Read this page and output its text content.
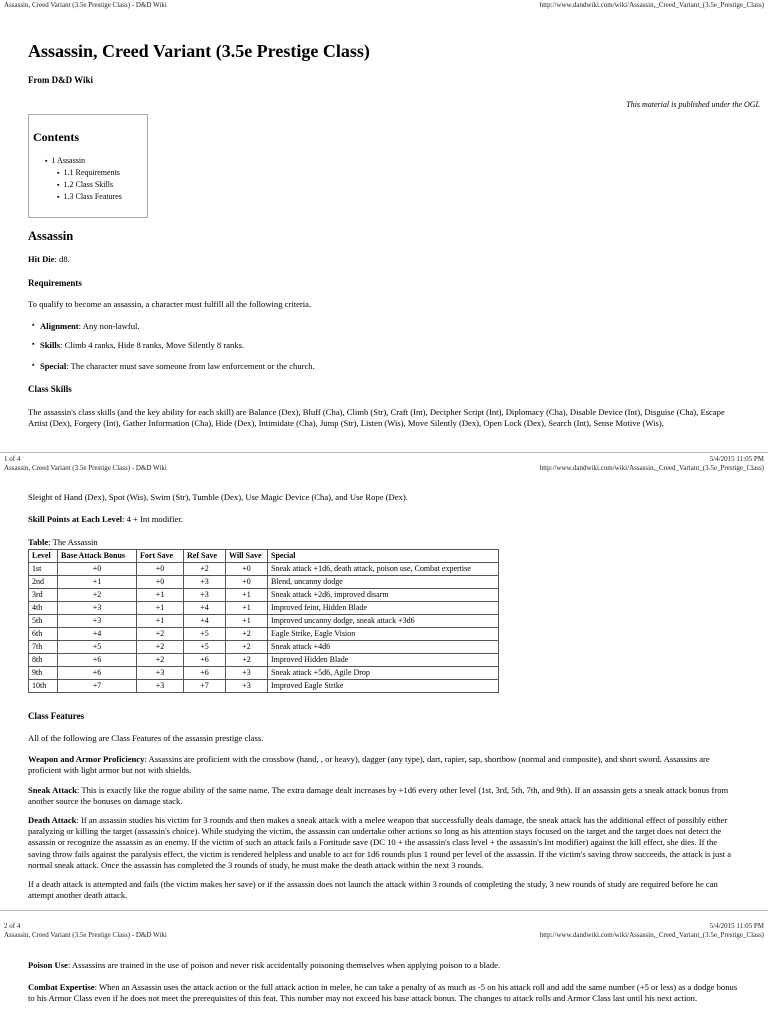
Assassin, Creed Variant (3.5e Prestige Class) - D&D Wiki	http://www.dandwiki.com/wiki/Assassin,_Creed_Variant_(3.5e_Prestige_Class)
Assassin, Creed Variant (3.5e Prestige Class)
From D&D Wiki
This material is published under the OGL
Contents
▪ 1 Assassin
▪ 1.1 Requirements
▪ 1.2 Class Skills
▪ 1.3 Class Features
Assassin

Hit Die: d8.

Requirements

To qualify to become an assassin, a character must fulfill all the following criteria.

▪ Alignment: Any non-lawful.

▪ Skills: Climb 4 ranks, Hide 8 ranks, Move Silently 8 ranks.

▪ Special: The character must save someone from law enforcement or the church.

Class Skills

The assassin's class skills (and the key ability for each skill) are Balance (Dex), Bluff (Cha), Climb (Str), Craft (Int), Decipher Script (Int), Diplomacy (Cha), Disable Device (Int), Disguise (Cha), Escape Artist (Dex), Forgery (Int), Gather Information (Cha), Hide (Dex), Intimidate (Cha), Jump (Str), Listen (Wis), Move Silently (Dex), Open Lock (Dex), Search (Int), Sense Motive (Wis),

1 of 4	5/4/2015 11:05 PM
Assassin, Creed Variant (3.5e Prestige Class) - D&D Wiki	http://www.dandwiki.com/wiki/Assassin,_Creed_Variant_(3.5e_Prestige_Class)

Sleight of Hand (Dex), Spot (Wis), Swim (Str), Tumble (Dex), Use Magic Device (Cha), and Use Rope (Dex).

Skill Points at Each Level: 4 + Int modifier.

Table: The Assassin

Level	Base Attack Bonus	Fort Save	Ref Save	Will Save	Special
1st	+0	+0	+2	+0	Sneak attack +1d6, death attack, poison use, Combat expertise
2nd	+1	+0	+3	+0	Blend, uncanny dodge
3rd	+2	+1	+3	+1	Sneak attack +2d6, improved disarm
4th	+3	+1	+4	+1	Improved feint, Hidden Blade
5th	+3	+1	+4	+1	Improved uncanny dodge, sneak attack +3d6
6th	+4	+2	+5	+2	Eagle Strike, Eagle Vision
7th	+5	+2	+5	+2	Sneak attack +4d6
8th	+6	+2	+6	+2	Improved Hidden Blade
9th	+6	+3	+6	+3	Sneak attack +5d6, Agile Drop
10th	+7	+3	+7	+3	Improved Eagle Strike
Class Features

All of the following are Class Features of the assassin prestige class.

Weapon and Armor Proficiency: Assassins are proficient with the crossbow (hand, , or heavy), dagger (any type), dart, rapier, sap, shortbow (normal and composite), and short sword. Assassins are proficient with light armor but not with shields.

Sneak Attack: This is exactly like the rogue ability of the same name. The extra damage dealt increases by +1d6 every other level (1st, 3rd, 5th, 7th, and 9th). If an assassin gets a sneak attack bonus from another source the bonuses on damage stack.

Death Attack: If an assassin studies his victim for 3 rounds and then makes a sneak attack with a melee weapon that successfully deals damage, the sneak attack has the additional effect of possibly either paralyzing or killing the target (assassin's choice). While studying the victim, the assassin can undertake other actions so long as his attention stays focused on the target and the target does not detect the assassin or recognize the assassin as an enemy. If the victim of such an attack fails a Fortitude save (DC 10 + the assassin's class level + the assassin's Int modifier) against the kill effect, she dies. If the saving throw fails against the paralysis effect, the victim is rendered helpless and unable to act for 1d6 rounds plus 1 round per level of the assassin. If the victim's saving throw succeeds, the attack is just a normal sneak attack. Once the assassin has completed the 3 rounds of study, he must make the death attack within the next 3 rounds.

If a death attack is attempted and fails (the victim makes her save) or if the assassin does not launch the attack within 3 rounds of completing the study, 3 new rounds of study are required before he can attempt another death attack.

2 of 4	5/4/2015 11:05 PM
Assassin, Creed Variant (3.5e Prestige Class) - D&D Wiki	http://www.dandwiki.com/wiki/Assassin,_Creed_Variant_(3.5e_Prestige_Class)

Poison Use: Assassins are trained in the use of poison and never risk accidentally poisoning themselves when applying poison to a blade.

Combat Expertise: When an Assassin uses the attack action or the full attack action in melee, he can take a penalty of as much as -5 on his attack roll and add the same number (+5 or less) as a dodge bonus to his Armor Class even if he does not meet the prerequisites of this feat. This number may not exceed his base attack bonus. The changes to attack rolls and Armor Class last until his next action.
